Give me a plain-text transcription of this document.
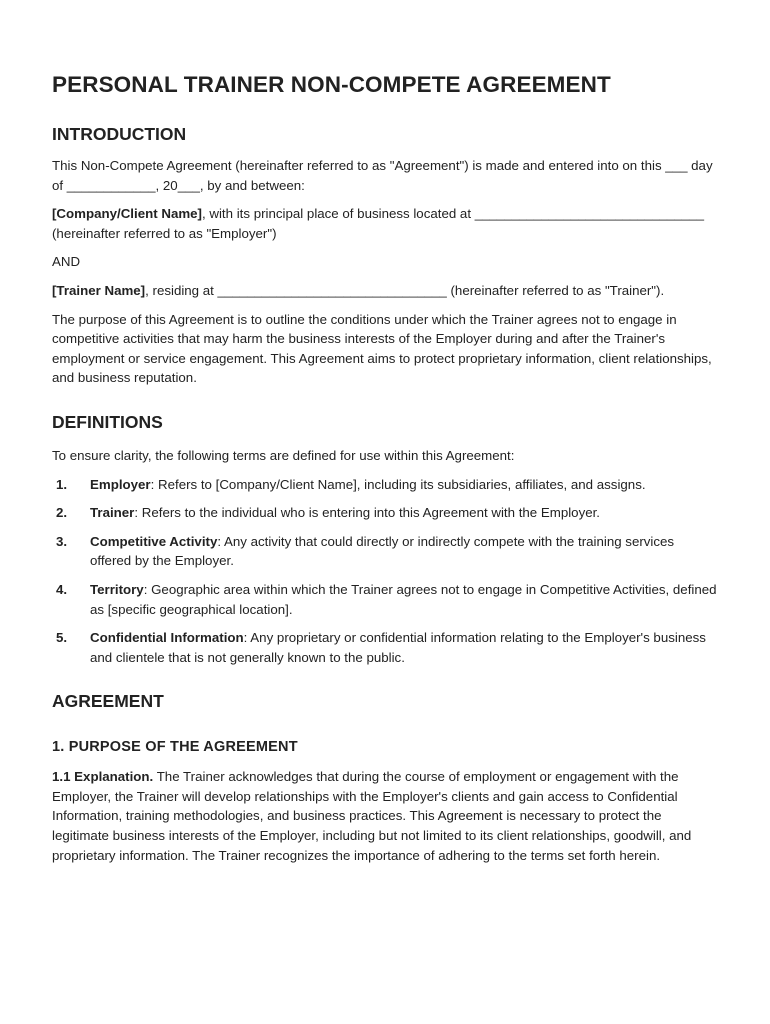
PERSONAL TRAINER NON-COMPETE AGREEMENT
INTRODUCTION

This Non-Compete Agreement (hereinafter referred to as "Agreement") is made and entered into on this ___ day of ____________, 20___, by and between:

[Company/Client Name], with its principal place of business located at _______________________________ (hereinafter referred to as "Employer")

AND

[Trainer Name], residing at _______________________________ (hereinafter referred to as "Trainer").

The purpose of this Agreement is to outline the conditions under which the Trainer agrees not to engage in competitive activities that may harm the business interests of the Employer during and after the Trainer's employment or service engagement. This Agreement aims to protect proprietary information, client relationships, and business reputation.

DEFINITIONS

To ensure clarity, the following terms are defined for use within this Agreement:

1.	Employer: Refers to [Company/Client Name], including its subsidiaries, affiliates, and assigns.
2.	Trainer: Refers to the individual who is entering into this Agreement with the Employer.
3.	Competitive Activity: Any activity that could directly or indirectly compete with the training services offered by the Employer.
4.	Territory: Geographic area within which the Trainer agrees not to engage in Competitive Activities, defined as [specific geographical location].
5.	Confidential Information: Any proprietary or confidential information relating to the Employer's business and clientele that is not generally known to the public.
AGREEMENT
1. PURPOSE OF THE AGREEMENT

1.1 Explanation. The Trainer acknowledges that during the course of employment or engagement with the Employer, the Trainer will develop relationships with the Employer's clients and gain access to Confidential Information, training methodologies, and business practices. This Agreement is necessary to protect the legitimate business interests of the Employer, including but not limited to its client relationships, goodwill, and proprietary information. The Trainer recognizes the importance of adhering to the terms set forth herein.
